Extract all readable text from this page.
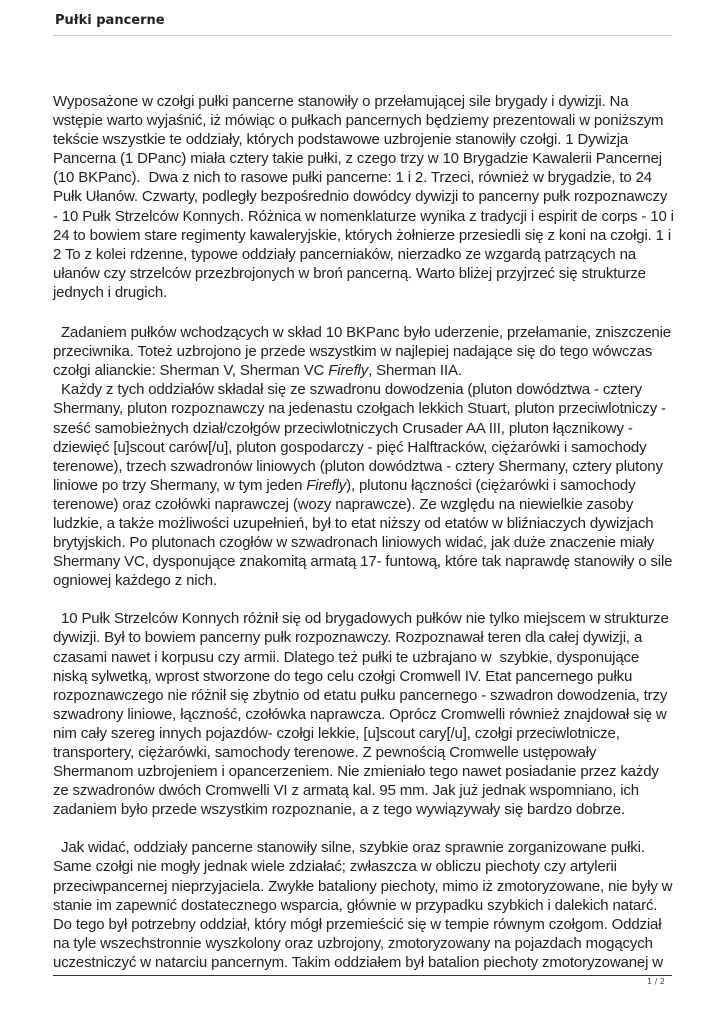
Pułki pancerne

Wyposażone w czołgi pułki pancerne stanowiły o przełamującej sile brygady i dywizji. Na wstępie warto wyjaśnić, iż mówiąc o pułkach pancernych będziemy prezentowali w poniższym tekście wszystkie te oddziały, których podstawowe uzbrojenie stanowiły czołgi. 1 Dywizja Pancerna (1 DPanc) miała cztery takie pułki, z czego trzy w 10 Brygadzie Kawalerii Pancernej (10 BKPanc).  Dwa z nich to rasowe pułki pancerne: 1 i 2. Trzeci, również w brygadzie, to 24 Pułk Ułanów. Czwarty, podległy bezpośrednio dowódcy dywizji to pancerny pułk rozpoznawczy - 10 Pułk Strzelców Konnych. Różnica w nomenklaturze wynika z tradycji i espirit de corps - 10 i 24 to bowiem stare regimenty kawaleryjskie, których żołnierze przesiedli się z koni na czołgi. 1 i 2 To z kolei rdzenne, typowe oddziały pancerniaków, nierzadko ze wzgardą patrzących na ułanów czy strzelców przezbrojonych w broń pancerną. Warto bliżej przyjrzeć się strukturze jednych i drugich.

Zadaniem pułków wchodzących w skład 10 BKPanc było uderzenie, przełamanie, zniszczenie przeciwnika. Toteż uzbrojono je przede wszystkim w najlepiej nadające się do tego wówczas czołgi alianckie: Sherman V, Sherman VC Firefly, Sherman IIA.

Każdy z tych oddziałów składał się ze szwadronu dowodzenia (pluton dowództwa - cztery Shermany, pluton rozpoznawczy na jedenastu czołgach lekkich Stuart, pluton przeciwlotniczy - sześć samobieżnych dział/czołgów przeciwlotniczych Crusader AA III, pluton łącznikowy - dziewięć [u]scout carów[/u], pluton gospodarczy - pięć Halftracków, ciężarówki i samochody terenowe), trzech szwadronów liniowych (pluton dowództwa - cztery Shermany, cztery plutony liniowe po trzy Shermany, w tym jeden Firefly), plutonu łączności (ciężarówki i samochody terenowe) oraz czołówki naprawczej (wozy naprawcze). Ze względu na niewielkie zasoby ludzkie, a także możliwości uzupełnień, był to etat niższy od etatów w bliźniaczych dywizjach brytyjskich. Po plutonach czogłów w szwadronach liniowych widać, jak duże znaczenie miały Shermany VC, dysponujące znakomitą armatą 17- funtową, które tak naprawdę stanowiły o sile ogniowej każdego z nich.

10 Pułk Strzelców Konnych różnił się od brygadowych pułków nie tylko miejscem w strukturze dywizji. Był to bowiem pancerny pułk rozpoznawczy. Rozpoznawał teren dla całej dywizji, a czasami nawet i korpusu czy armii. Dlatego też pułki te uzbrajano w  szybkie, dysponujące niską sylwetką, wprost stworzone do tego celu czołgi Cromwell IV. Etat pancernego pułku rozpoznawczego nie różnił się zbytnio od etatu pułku pancernego - szwadron dowodzenia, trzy szwadrony liniowe, łączność, czołówka naprawcza. Oprócz Cromwelli również znajdował się w nim cały szereg innych pojazdów- czołgi lekkie, [u]scout cary[/u], czołgi przeciwlotnicze, transportery, ciężarówki, samochody terenowe. Z pewnością Cromwelle ustępowały Shermanom uzbrojeniem i opancerzeniem. Nie zmieniało tego nawet posiadanie przez każdy ze szwadronów dwóch Cromwelli VI z armatą kal. 95 mm. Jak już jednak wspomniano, ich zadaniem było przede wszystkim rozpoznanie, a z tego wywiązywały się bardzo dobrze.

Jak widać, oddziały pancerne stanowiły silne, szybkie oraz sprawnie zorganizowane pułki. Same czołgi nie mogły jednak wiele zdziałać; zwłaszcza w obliczu piechoty czy artylerii przeciwpancernej nieprzyjaciela. Zwykłe bataliony piechoty, mimo iż zmotoryzowane, nie były w stanie im zapewnić dostatecznego wsparcia, głównie w przypadku szybkich i dalekich natarć. Do tego był potrzebny oddział, który mógł przemieścić się w tempie równym czołgom. Oddział na tyle wszechstronnie wyszkolony oraz uzbrojony, zmotoryzowany na pojazdach mogących uczestniczyć w natarciu pancernym. Takim oddziałem był batalion piechoty zmotoryzowanej w

1 / 2
